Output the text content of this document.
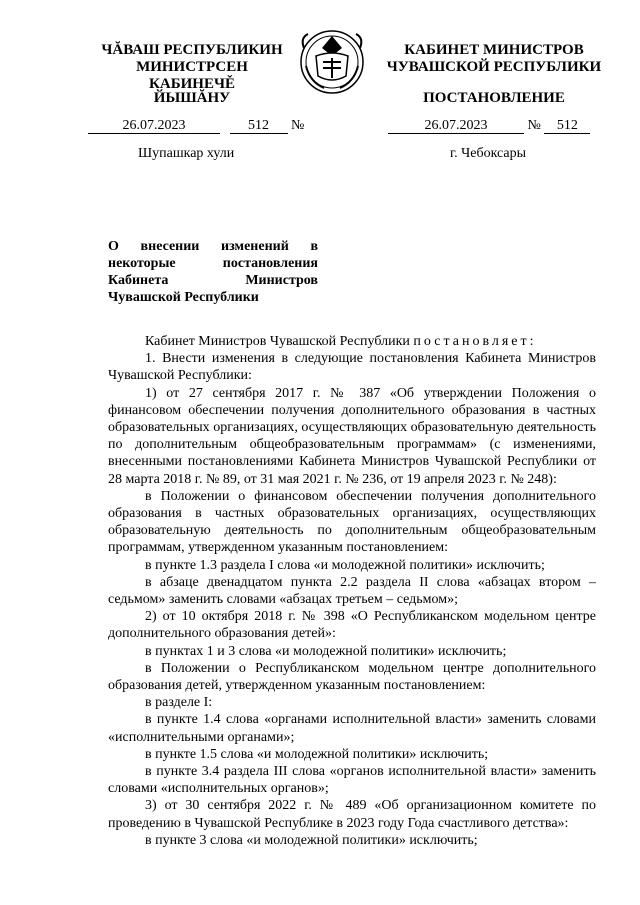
ЧĂВАШ РЕСПУБЛИКИН
МИНИСТРСЕН КАБИНЕЧĚ
ЙЫШĂНУ
КАБИНЕТ МИНИСТРОВ
ЧУВАШСКОЙ РЕСПУБЛИКИ
ПОСТАНОВЛЕНИЕ
26.07.2023	512 №	26.07.2023	№ 512
Шупашкар хули	г. Чебоксары
О внесении изменений в некоторые постановления Кабинета Министров Чувашской Республики

Кабинет Министров Чувашской Республики постановляет:

1. Внести изменения в следующие постановления Кабинета Министров Чувашской Республики:

1) от 27 сентября 2017 г. № 387 «Об утверждении Положения о финансовом обеспечении получения дополнительного образования в частных образовательных организациях, осуществляющих образовательную деятельность по дополнительным общеобразовательным программам» (с изменениями, внесенными постановлениями Кабинета Министров Чувашской Республики от 28 марта 2018 г. № 89, от 31 мая 2021 г. № 236, от 19 апреля 2023 г. № 248):

в Положении о финансовом обеспечении получения дополнительного образования в частных образовательных организациях, осуществляющих образовательную деятельность по дополнительным общеобразовательным программам, утвержденном указанным постановлением:

в пункте 1.3 раздела I слова «и молодежной политики» исключить;

в абзаце двенадцатом пункта 2.2 раздела II слова «абзацах втором – седьмом» заменить словами «абзацах третьем – седьмом»;

2) от 10 октября 2018 г. № 398 «О Республиканском модельном центре дополнительного образования детей»:

в пунктах 1 и 3 слова «и молодежной политики» исключить;

в Положении о Республиканском модельном центре дополнительного образования детей, утвержденном указанным постановлением:

в разделе I:

в пункте 1.4 слова «органами исполнительной власти» заменить словами «исполнительными органами»;

в пункте 1.5 слова «и молодежной политики» исключить;

в пункте 3.4 раздела III слова «органов исполнительной власти» заменить словами «исполнительных органов»;

3) от 30 сентября 2022 г. № 489 «Об организационном комитете по проведению в Чувашской Республике в 2023 году Года счастливого детства»:

в пункте 3 слова «и молодежной политики» исключить;
